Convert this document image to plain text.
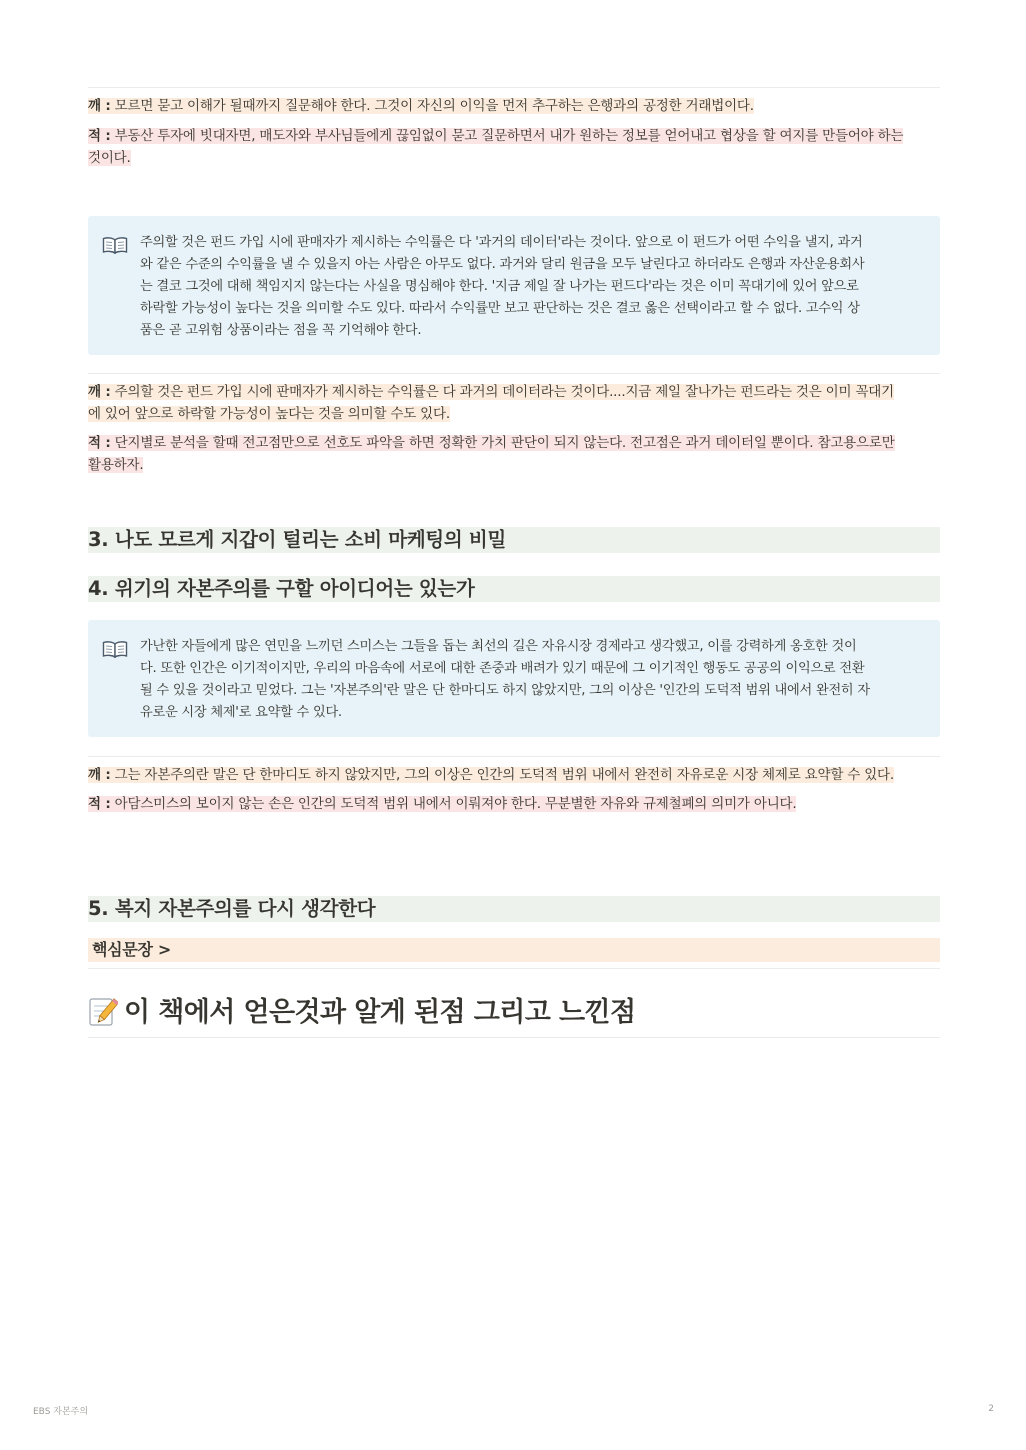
깨 : 모르면 묻고 이해가 될때까지 질문해야 한다. 그것이 자신의 이익을 먼저 추구하는 은행과의 공정한 거래법이다.
적 : 부동산 투자에 빗대자면, 매도자와 부사님들에게 끊임없이 묻고 질문하면서 내가 원하는 정보를 얻어내고 협상을 할 여지를 만들어야 하는
것이다.
주의할 것은 펀드 가입 시에 판매자가 제시하는 수익률은 다 '과거의 데이터'라는 것이다. 앞으로 이 펀드가 어떤 수익을 낼지, 과거
와 같은 수준의 수익률을 낼 수 있을지 아는 사람은 아무도 없다. 과거와 달리 원금을 모두 날린다고 하더라도 은행과 자산운용회사
는 결코 그것에 대해 책임지지 않는다는 사실을 명심해야 한다. '지금 제일 잘 나가는 펀드다'라는 것은 이미 꼭대기에 있어 앞으로
하락할 가능성이 높다는 것을 의미할 수도 있다. 따라서 수익률만 보고 판단하는 것은 결코 옳은 선택이라고 할 수 없다. 고수익 상
품은 곧 고위험 상품이라는 점을 꼭 기억해야 한다.
깨 : 주의할 것은 펀드 가입 시에 판매자가 제시하는 수익률은 다 과거의 데이터라는 것이다....지금 제일 잘나가는 펀드라는 것은 이미 꼭대기
에 있어 앞으로 하락할 가능성이 높다는 것을 의미할 수도 있다.
적 : 단지별로 분석을 할때 전고점만으로 선호도 파악을 하면 정확한 가치 판단이 되지 않는다. 전고점은 과거 데이터일 뿐이다. 참고용으로만
활용하자.
3. 나도 모르게 지갑이 털리는 소비 마케팅의 비밀
4. 위기의 자본주의를 구할 아이디어는 있는가
가난한 자들에게 많은 연민을 느끼던 스미스는 그들을 돕는 최선의 길은 자유시장 경제라고 생각했고, 이를 강력하게 옹호한 것이
다. 또한 인간은 이기적이지만, 우리의 마음속에 서로에 대한 존중과 배려가 있기 때문에 그 이기적인 행동도 공공의 이익으로 전환
될 수 있을 것이라고 믿었다. 그는 '자본주의'란 말은 단 한마디도 하지 않았지만, 그의 이상은 '인간의 도덕적 범위 내에서 완전히 자
유로운 시장 체제'로 요약할 수 있다.
깨 : 그는 자본주의란 말은 단 한마디도 하지 않았지만, 그의 이상은 인간의 도덕적 범위 내에서 완전히 자유로운 시장 체제로 요약할 수 있다.
적 : 아담스미스의 보이지 않는 손은 인간의 도덕적 범위 내에서 이뤄져야 한다. 무분별한 자유와 규제철폐의 의미가 아니다.
5. 복지 자본주의를 다시 생각한다
핵심문장 >
이 책에서 얻은것과 알게 된점 그리고 느낀점
EBS 자본주의	2
